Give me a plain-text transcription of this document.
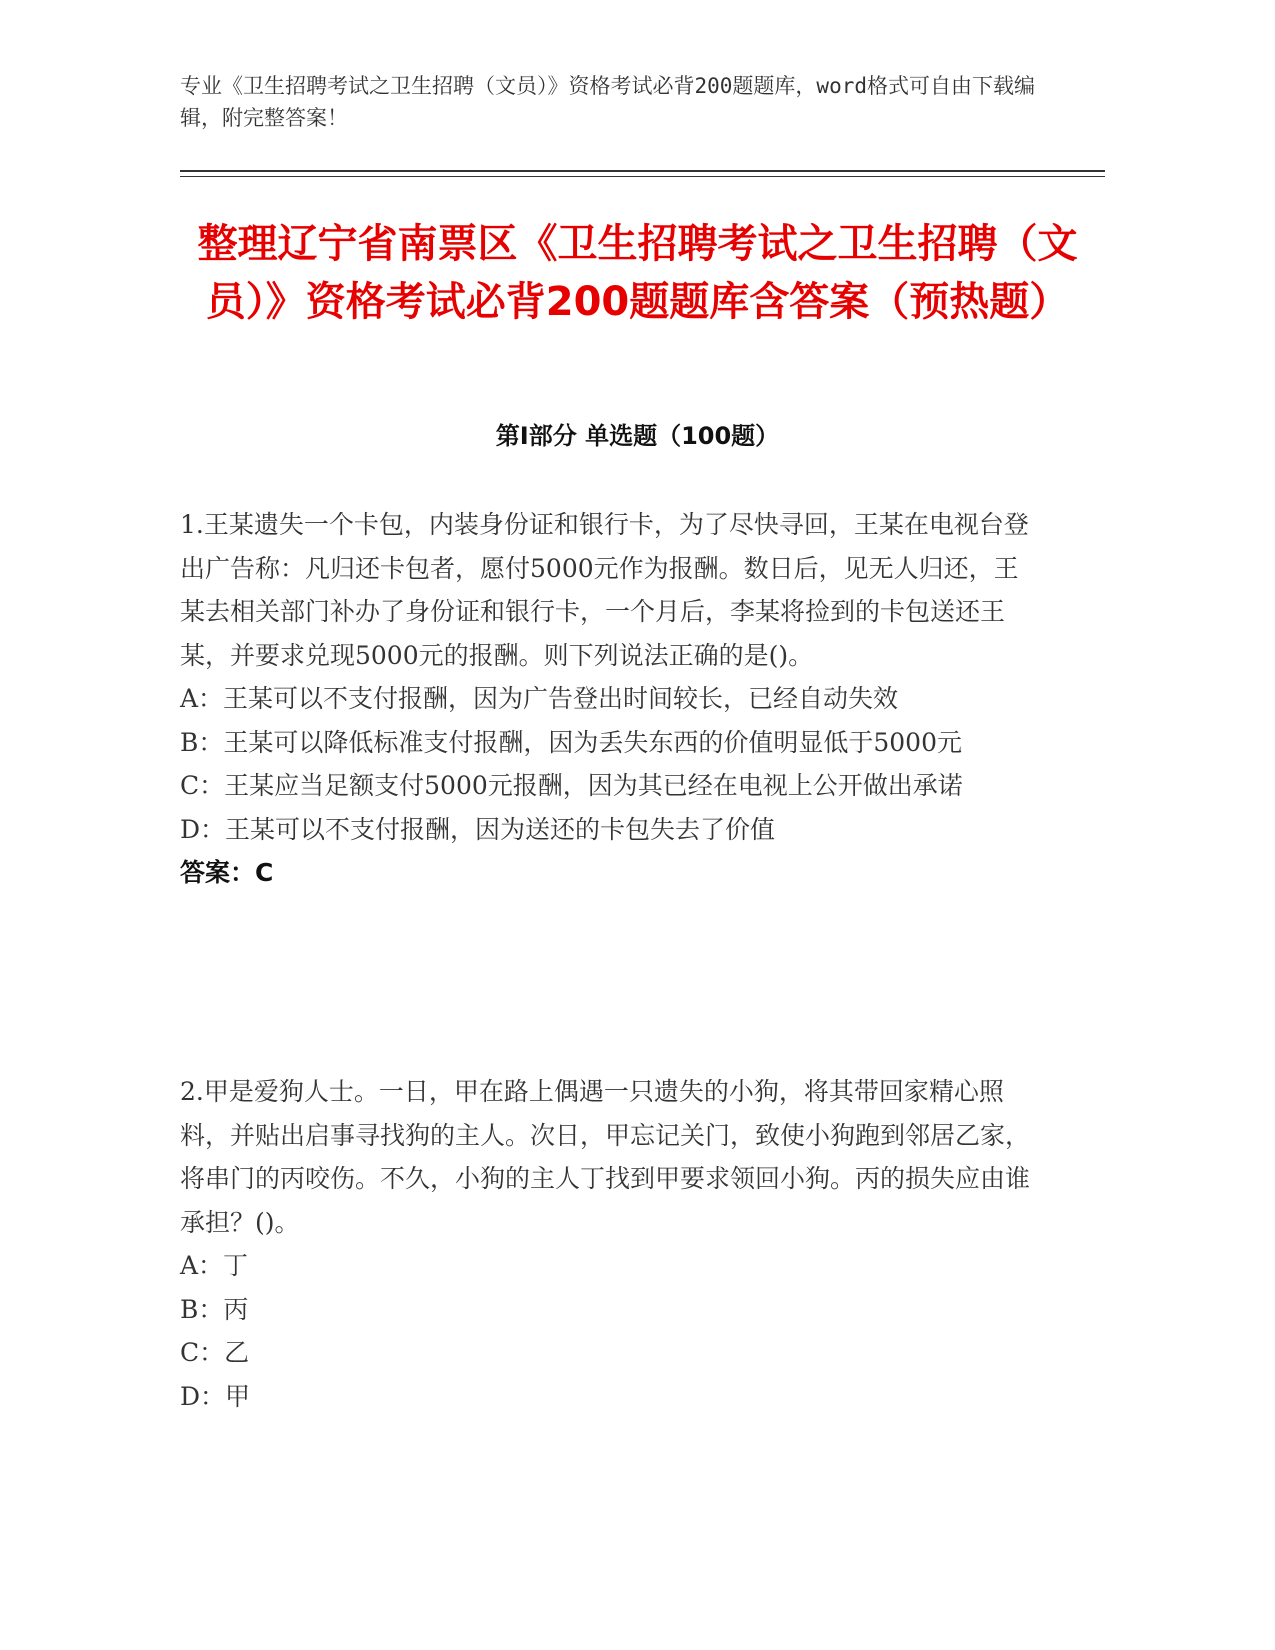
专业《卫生招聘考试之卫生招聘（文员）》资格考试必背200题题库，word格式可自由下载编辑，附完整答案！
整理辽宁省南票区《卫生招聘考试之卫生招聘（文员）》资格考试必背200题题库含答案（预热题）
第I部分 单选题（100题）

1.王某遗失一个卡包，内装身份证和银行卡，为了尽快寻回，王某在电视台登出广告称：凡归还卡包者，愿付5000元作为报酬。数日后，见无人归还，王某去相关部门补办了身份证和银行卡，一个月后，李某将捡到的卡包送还王某，并要求兑现5000元的报酬。则下列说法正确的是()。

A：王某可以不支付报酬，因为广告登出时间较长，已经自动失效

B：王某可以降低标准支付报酬，因为丢失东西的价值明显低于5000元

C：王某应当足额支付5000元报酬，因为其已经在电视上公开做出承诺

D：王某可以不支付报酬，因为送还的卡包失去了价值

答案：C

2.甲是爱狗人士。一日，甲在路上偶遇一只遗失的小狗，将其带回家精心照料，并贴出启事寻找狗的主人。次日，甲忘记关门，致使小狗跑到邻居乙家，将串门的丙咬伤。不久，小狗的主人丁找到甲要求领回小狗。丙的损失应由谁承担？()。

A：丁

B：丙

C：乙

D：甲
